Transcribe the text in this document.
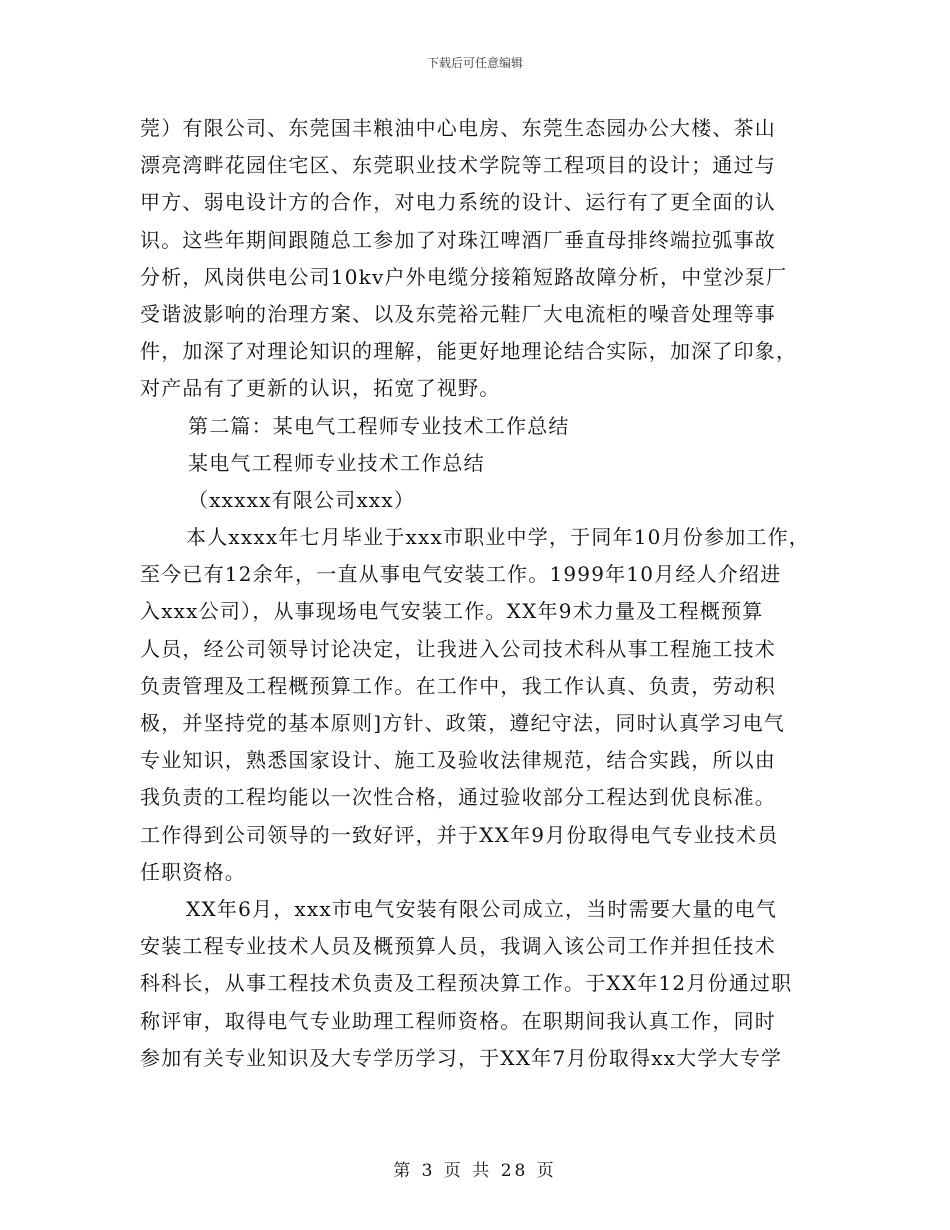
下载后可任意编辑
莞）有限公司、东莞国丰粮油中心电房、东莞生态园办公大楼、茶山
漂亮湾畔花园住宅区、东莞职业技术学院等工程项目的设计；通过与
甲方、弱电设计方的合作，对电力系统的设计、运行有了更全面的认
识。这些年期间跟随总工参加了对珠江啤酒厂垂直母排终端拉弧事故
分析，风岗供电公司10kv户外电缆分接箱短路故障分析，中堂沙泵厂
受谐波影响的治理方案、以及东莞裕元鞋厂大电流柜的噪音处理等事
件，加深了对理论知识的理解，能更好地理论结合实际，加深了印象，
对产品有了更新的认识，拓宽了视野。
第二篇：某电气工程师专业技术工作总结
某电气工程师专业技术工作总结
（xxxxx有限公司xxx）
本人xxxx年七月毕业于xxx市职业中学，于同年10月份参加工作，
至今已有12余年，一直从事电气安装工作。1999年10月经人介绍进
入xxx公司），从事现场电气安装工作。XX年9术力量及工程概预算
人员，经公司领导讨论决定，让我进入公司技术科从事工程施工技术
负责管理及工程概预算工作。在工作中，我工作认真、负责，劳动积
极，并坚持党的基本原则]方针、政策，遵纪守法，同时认真学习电气
专业知识，熟悉国家设计、施工及验收法律规范，结合实践，所以由
我负责的工程均能以一次性合格，通过验收部分工程达到优良标准。
工作得到公司领导的一致好评，并于XX年9月份取得电气专业技术员
任职资格。
XX年6月，xxx市电气安装有限公司成立，当时需要大量的电气
安装工程专业技术人员及概预算人员，我调入该公司工作并担任技术
科科长，从事工程技术负责及工程预决算工作。于XX年12月份通过职
称评审，取得电气专业助理工程师资格。在职期间我认真工作，同时
参加有关专业知识及大专学历学习，于XX年7月份取得xx大学大专学
第 3 页 共 28 页
